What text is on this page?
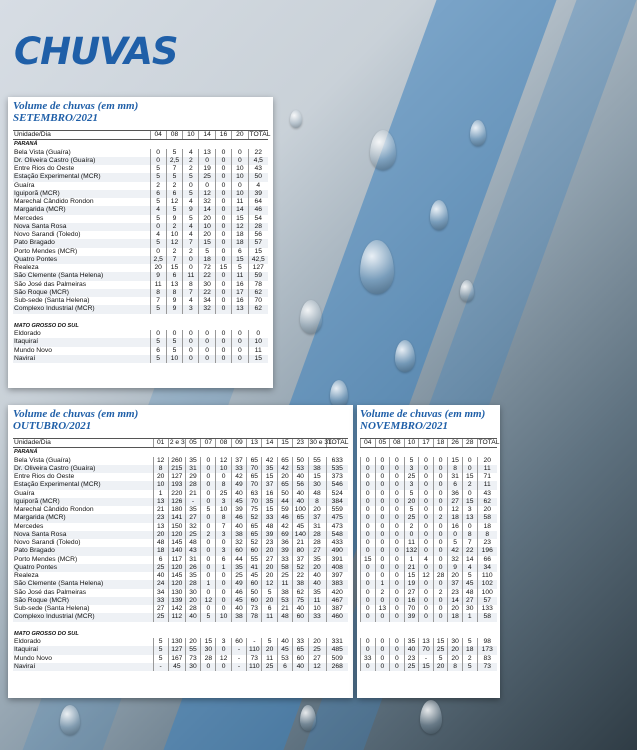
CHUVAS

Volume de chuvas (em mm)

SETEMBRO/2021

Unidade/Dia	04	08	10	14	16	20	TOTAL
PARANÁ							
Bela Vista (Guaíra)	0	5	4	13	0	0	22
Dr. Oliveira Castro (Guaíra)	0	2,5	2	0	0	0	4,5
Entre Rios do Oeste	5	7	2	19	0	10	43
Estação Experimental (MCR)	5	5	5	25	0	10	50
Guaíra	2	2	0	0	0	0	4
Iguiporã (MCR)	6	6	5	12	0	10	39
Marechal Cândido Rondon	5	12	4	32	0	11	64
Margarida (MCR)	4	5	9	14	0	14	46
Mercedes	5	9	5	20	0	15	54
Nova Santa Rosa	0	2	4	10	0	12	28
Novo Sarandi (Toledo)	4	10	4	20	0	18	56
Pato Bragado	5	12	7	15	0	18	57
Porto Mendes (MCR)	0	2	2	5	0	6	15
Quatro Pontes	2,5	7	0	18	0	15	42,5
Realeza	20	15	0	72	15	5	127
São Clemente (Santa Helena)	9	6	11	22	0	11	59
São José das Palmeiras	11	13	8	30	0	16	78
São Roque (MCR)	8	8	7	22	0	17	62
Sub-sede (Santa Helena)	7	9	4	34	0	16	70
Complexo Industrial (MCR)	5	9	3	32	0	13	62

MATO GROSSO DO SUL							
Eldorado	0	0	0	0	0	0	0
Itaquiraí	5	5	0	0	0	0	10
Mundo Novo	6	5	0	0	0	0	11
Naviraí	5	10	0	0	0	0	15

Volume de chuvas (em mm)

OUTUBRO/2021

Unidade/Dia	01	2 e 3	05	07	08	09	13	14	15	23	30 e 31	TOTAL
PARANÁ												
Bela Vista (Guaíra)	12	260	35	0	12	37	65	42	65	50	55	633
Dr. Oliveira Castro (Guaíra)	8	215	31	0	10	33	70	35	42	53	38	535
Entre Rios do Oeste	20	127	29	0	0	42	65	15	20	40	15	373
Estação Experimental (MCR)	10	193	28	0	8	49	70	37	65	56	30	546
Guaíra	1	220	21	0	25	40	63	16	50	40	48	524
Iguiporã (MCR)	13	126	-	0	3	45	70	35	44	40	8	384
Marechal Cândido Rondon	21	180	35	5	10	39	75	15	59	100	20	559
Margarida (MCR)	23	141	27	0	8	46	52	33	46	65	37	475
Mercedes	13	150	32	0	7	40	65	48	42	45	31	473
Nova Santa Rosa	20	120	25	2	3	38	65	39	69	140	28	548
Novo Sarandi (Toledo)	48	145	48	0	0	32	52	23	36	21	28	433
Pato Bragado	18	140	43	0	3	60	60	20	39	80	27	490
Porto Mendes (MCR)	6	117	31	0	6	44	55	27	33	37	35	391
Quatro Pontes	25	120	26	0	1	35	41	20	58	52	20	408
Realeza	40	145	35	0	0	25	45	20	25	22	40	397
São Clemente (Santa Helena)	24	120	28	1	0	49	60	12	11	38	40	383
São José das Palmeiras	34	130	30	0	0	46	50	5	38	62	35	420
São Roque (MCR)	33	139	20	12	0	45	60	20	53	75	11	467
Sub-sede (Santa Helena)	27	142	28	0	0	40	73	6	21	40	10	387
Complexo Industrial (MCR)	25	112	40	5	10	38	78	11	48	60	33	460

MATO GROSSO DO SUL												
Eldorado	5	130	20	15	3	60	-	5	40	33	20	331
Itaquiraí	5	127	55	30	0	-	110	20	45	65	25	485
Mundo Novo	5	167	73	28	12	-	73	11	53	60	27	509
Naviraí	-	45	30	0	0	-	110	25	6	40	12	268

Volume de chuvas (em mm)

NOVEMBRO/2021

04	05	08	10	17	18	26	28	TOTAL

0	0	0	5	0	0	15	0	20
0	0	0	3	0	0	8	0	11
0	0	0	25	0	0	31	15	71
0	0	0	3	0	0	6	2	11
0	0	0	5	0	0	36	0	43
0	0	0	20	0	0	27	15	62
0	0	0	5	0	0	12	3	20
0	0	0	25	0	2	18	13	58
0	0	0	2	0	0	16	0	18
0	0	0	0	0	0	0	8	8
0	0	0	11	0	0	5	7	23
0	0	0	132	0	0	42	22	196
15	0	0	1	4	0	32	14	66
0	0	0	21	0	0	9	4	34
0	0	0	15	12	28	20	5	110
0	1	0	19	0	0	37	45	102
0	2	0	27	0	2	23	48	100
0	0	0	16	0	0	14	27	57
0	13	0	70	0	0	20	30	133
0	0	0	39	0	0	18	1	58

0	0	0	35	13	15	30	5	98
0	0	0	40	70	25	20	18	173
33	0	0	23	-	5	20	2	83
0	0	0	25	15	20	8	5	73
